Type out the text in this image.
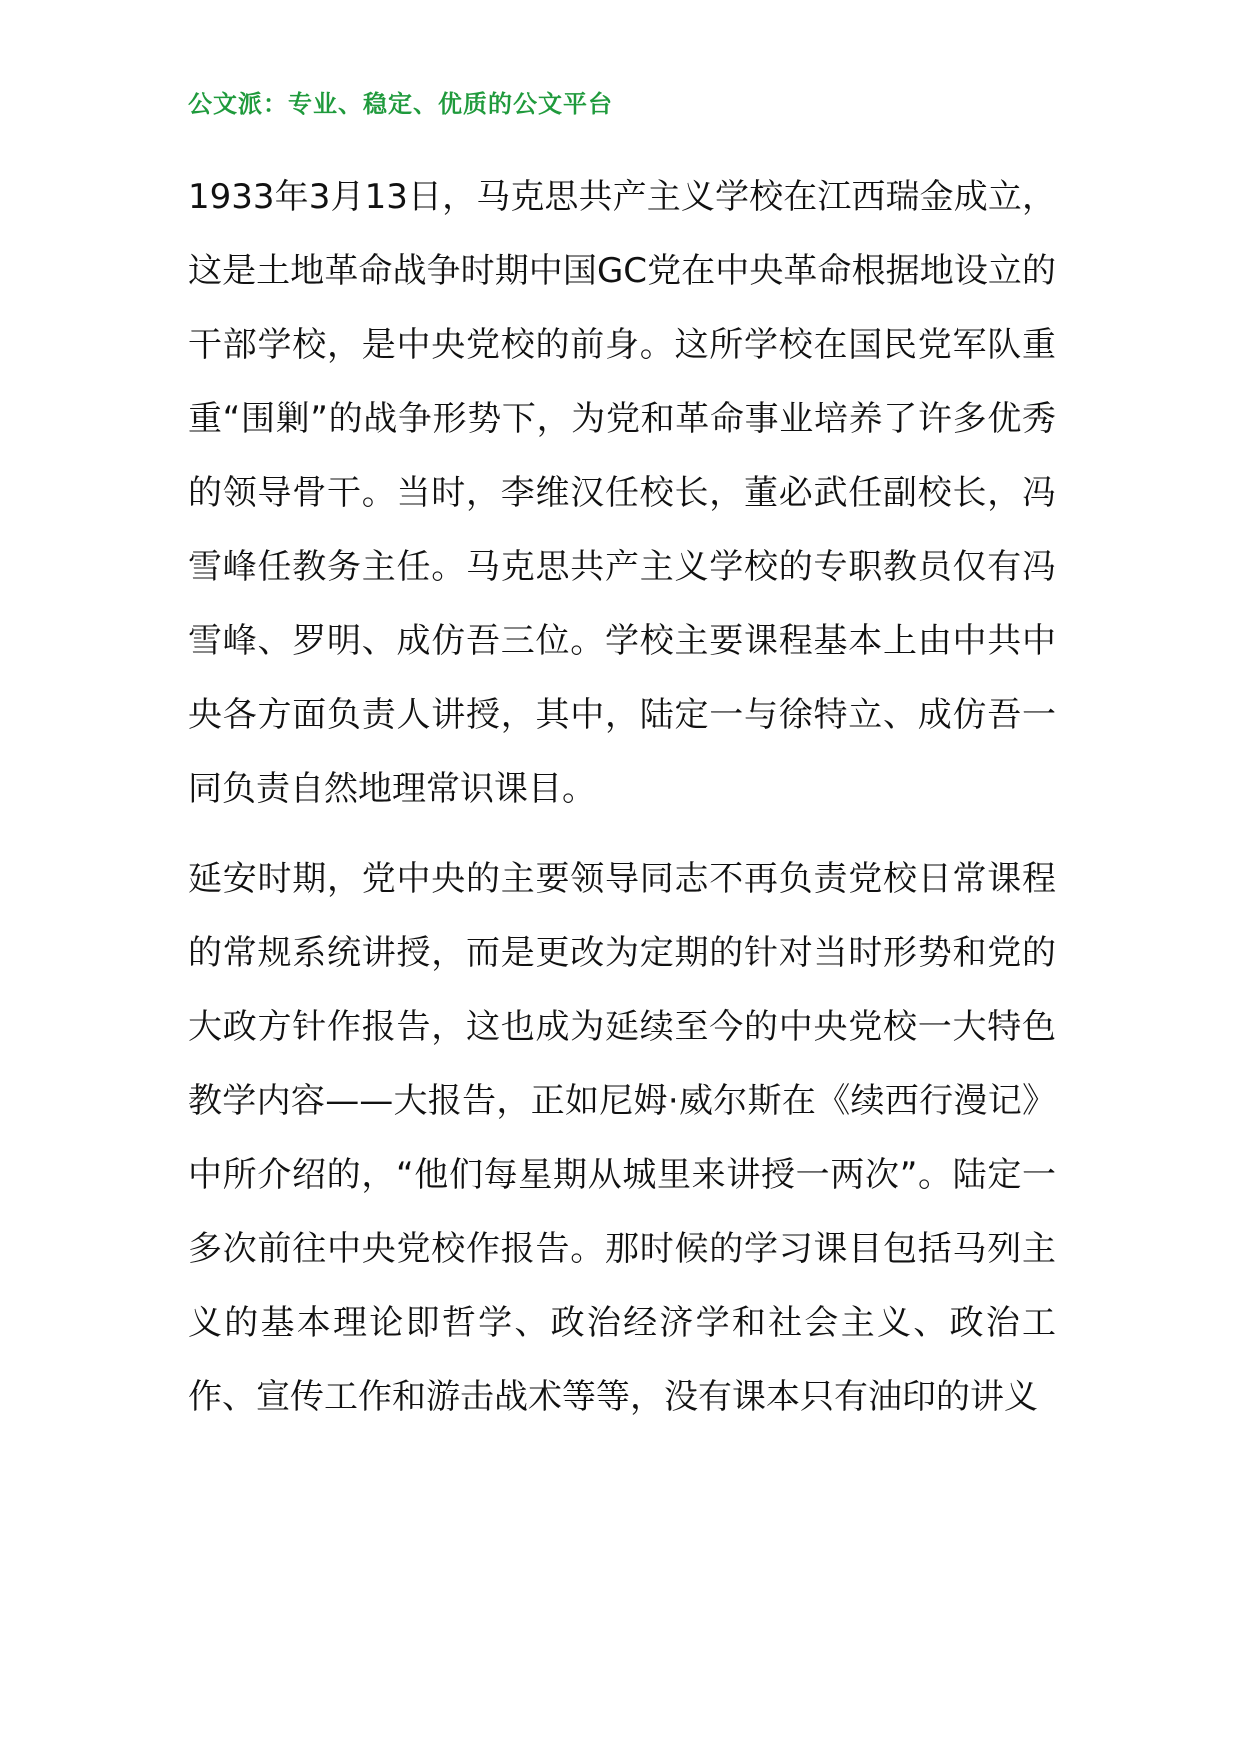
公文派：专业、稳定、优质的公文平台

1933年3月13日，马克思共产主义学校在江西瑞金成立，这是土地革命战争时期中国GC党在中央革命根据地设立的干部学校，是中央党校的前身。这所学校在国民党军队重重“围剿”的战争形势下，为党和革命事业培养了许多优秀的领导骨干。当时，李维汉任校长，董必武任副校长，冯雪峰任教务主任。马克思共产主义学校的专职教员仅有冯雪峰、罗明、成仿吾三位。学校主要课程基本上由中共中央各方面负责人讲授，其中，陆定一与徐特立、成仿吾一同负责自然地理常识课目。

延安时期，党中央的主要领导同志不再负责党校日常课程的常规系统讲授，而是更改为定期的针对当时形势和党的大政方针作报告，这也成为延续至今的中央党校一大特色教学内容——大报告，正如尼姆·威尔斯在《续西行漫记》中所介绍的，“他们每星期从城里来讲授一两次”。陆定一多次前往中央党校作报告。那时候的学习课目包括马列主义的基本理论即哲学、政治经济学和社会主义、政治工作、宣传工作和游击战术等等，没有课本只有油印的讲义
